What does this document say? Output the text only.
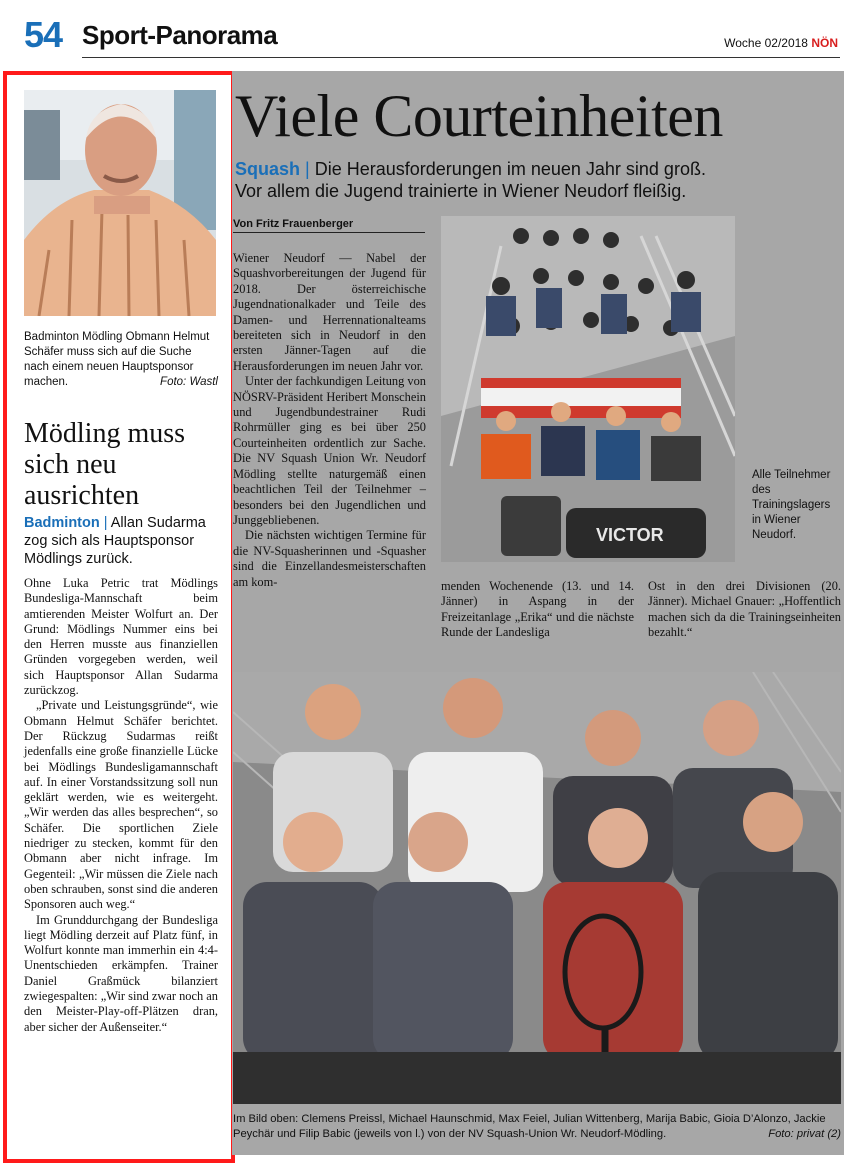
54 Sport-Panorama	Woche 02/2018 NÖN
Badminton Mödling Obmann Helmut Schäfer muss sich auf die Suche nach einem neuen Hauptsponsor machen.	Foto: Wastl
Mödling muss sich neu ausrichten
Badminton | Allan Sudarma zog sich als Hauptsponsor Mödlings zurück.

Ohne Luka Petric trat Mödlings Bundesliga-Mannschaft beim amtierenden Meister Wolfurt an. Der Grund: Mödlings Nummer eins bei den Herren musste aus finanziellen Gründen vorgegeben werden, weil sich Hauptsponsor Allan Sudarma zurückzog.

„Private und Leistungsgründe“, wie Obmann Helmut Schäfer berichtet. Der Rückzug Sudarmas reißt jedenfalls eine große finanzielle Lücke bei Mödlings Bundesligamannschaft auf. In einer Vorstandssitzung soll nun geklärt werden, wie es weitergeht. „Wir werden das alles besprechen“, so Schäfer. Die sportlichen Ziele niedriger zu stecken, kommt für den Obmann aber nicht infrage. Im Gegenteil: „Wir müssen die Ziele nach oben schrauben, sonst sind die anderen Sponsoren auch weg.“

Im Grunddurchgang der Bundesliga liegt Mödling derzeit auf Platz fünf, in Wolfurt konnte man immerhin ein 4:4-Unentschieden erkämpfen. Trainer Daniel Graßmück bilanziert zwiegespalten: „Wir sind zwar noch an den Meister-Play-off-Plätzen dran, aber sicher der Außenseiter.“

Viele Courteinheiten
Squash | Die Herausforderungen im neuen Jahr sind groß.
Vor allem die Jugend trainierte in Wiener Neudorf fleißig.
Von Fritz Frauenberger

Wiener Neudorf — Nabel der Squashvorbereitungen der Jugend für 2018. Der österreichische Jugendnationalkader und Teile des Damen- und Herrennationalteams bereiteten sich in Neudorf in den ersten Jänner-Tagen auf die Herausforderungen im neuen Jahr vor.

Unter der fachkundigen Leitung von NÖSRV-Präsident Heribert Monschein und Jugendbundestrainer Rudi Rohrmüller ging es bei über 250 Courteinheiten ordentlich zur Sache. Die NV Squash Union Wr. Neudorf Mödling stellte naturgemäß einen beachtlichen Teil der Teilnehmer – besonders bei den Jugendlichen und Junggebliebenen.

Die nächsten wichtigen Termine für die NV-Squasherinnen und -Squasher sind die Einzellandesmeisterschaften am kom-	menden Wochenende (13. und 14. Jänner) in Aspang in der Freizeitanlage „Erika“ und die nächste Runde der Landesliga
Ost in den drei Divisionen (20. Jänner). Michael Gnauer: „Hoffentlich machen sich da die Trainingseinheiten bezahlt.“
VICTOR
Alle Teilnehmer des Trainingslagers in Wiener Neudorf.
Im Bild oben: Clemens Preissl, Michael Haunschmid, Max Feiel, Julian Wittenberg, Marija Babic, Gioia D’Alonzo, Jackie Peychär und Filip Babic (jeweils von l.) von der NV Squash-Union Wr. Neudorf-Mödling.	Foto: privat (2)
